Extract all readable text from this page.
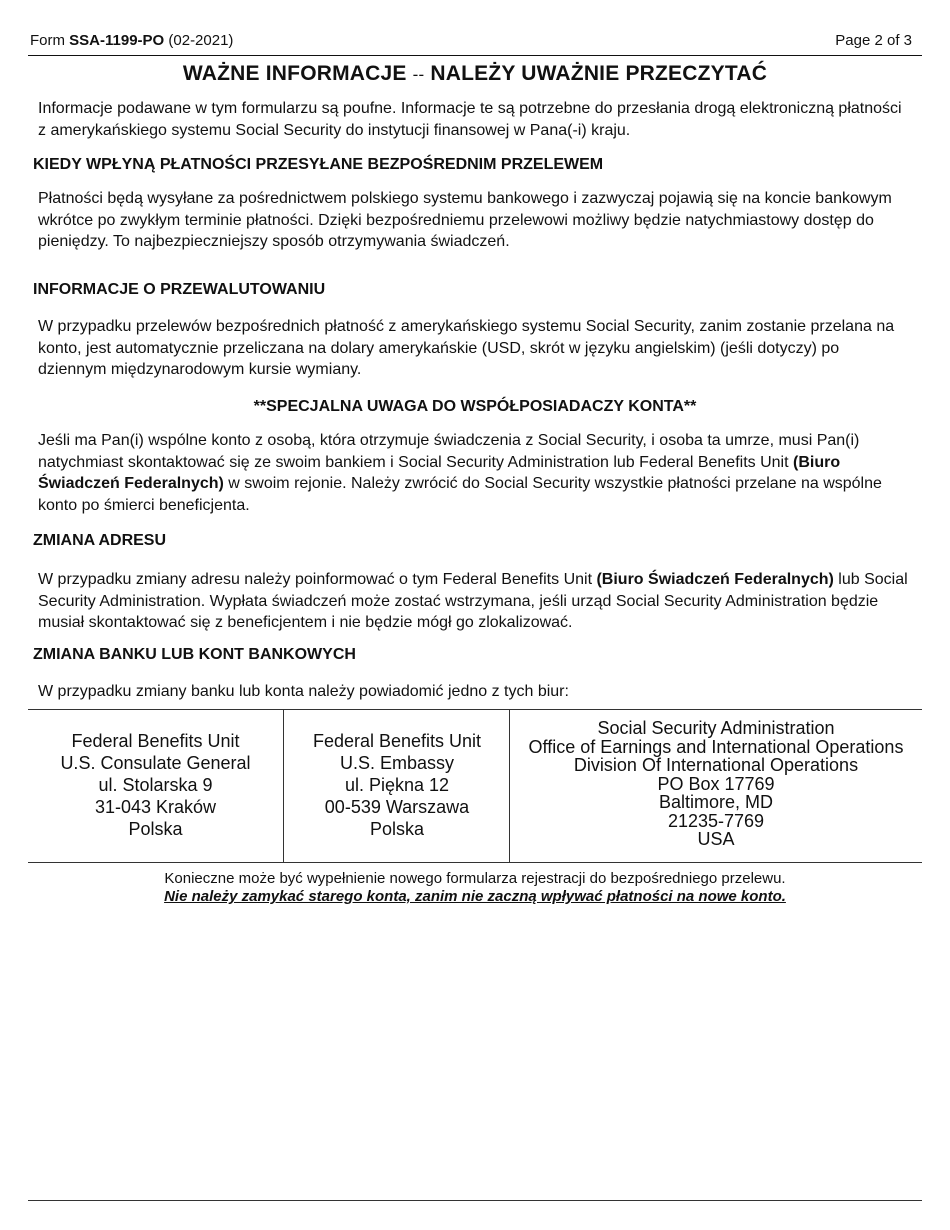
Form SSA-1199-PO (02-2021)	Page 2 of 3
WAŻNE INFORMACJE -- NALEŻY UWAŻNIE PRZECZYTAĆ
Informacje podawane w tym formularzu są poufne. Informacje te są potrzebne do przesłania drogą elektroniczną płatności z amerykańskiego systemu Social Security do instytucji finansowej w Pana(-i) kraju.
KIEDY WPŁYNĄ PŁATNOŚCI PRZESYŁANE BEZPOŚREDNIM PRZELEWEM
Płatności będą wysyłane za pośrednictwem polskiego systemu bankowego i zazwyczaj pojawią się na koncie bankowym wkrótce po zwykłym terminie płatności. Dzięki bezpośredniemu przelewowi możliwy będzie natychmiastowy dostęp do pieniędzy. To najbezpieczniejszy sposób otrzymywania świadczeń.
INFORMACJE O PRZEWALUTOWANIU
W przypadku przelewów bezpośrednich płatność z amerykańskiego systemu Social Security, zanim zostanie przelana na konto, jest automatycznie przeliczana na dolary amerykańskie (USD, skrót w języku angielskim) (jeśli dotyczy) po dziennym międzynarodowym kursie wymiany.
**SPECJALNA UWAGA DO WSPÓŁPOSIADACZY KONTA**
Jeśli ma Pan(i) wspólne konto z osobą, która otrzymuje świadczenia z Social Security, i osoba ta umrze, musi Pan(i) natychmiast skontaktować się ze swoim bankiem i Social Security Administration lub Federal Benefits Unit (Biuro Świadczeń Federalnych) w swoim rejonie. Należy zwrócić do Social Security wszystkie płatności przelane na wspólne konto po śmierci beneficjenta.
ZMIANA ADRESU
W przypadku zmiany adresu należy poinformować o tym Federal Benefits Unit (Biuro Świadczeń Federalnych) lub Social Security Administration. Wypłata świadczeń może zostać wstrzymana, jeśli urząd Social Security Administration będzie musiał skontaktować się z beneficjentem i nie będzie mógł go zlokalizować.
ZMIANA BANKU LUB KONT BANKOWYCH
W przypadku zmiany banku lub konta należy powiadomić jedno z tych biur:
Federal Benefits Unit
U.S. Consulate General
ul. Stolarska 9
31-043 Kraków
Polska
Federal Benefits Unit
U.S. Embassy
ul. Piękna 12
00-539 Warszawa
Polska
Social Security Administration
Office of Earnings and International Operations
Division Of International Operations
PO Box 17769
Baltimore, MD
21235-7769
USA
Konieczne może być wypełnienie nowego formularza rejestracji do bezpośredniego przelewu.
Nie należy zamykać starego konta, zanim nie zaczną wpływać płatności na nowe konto.
